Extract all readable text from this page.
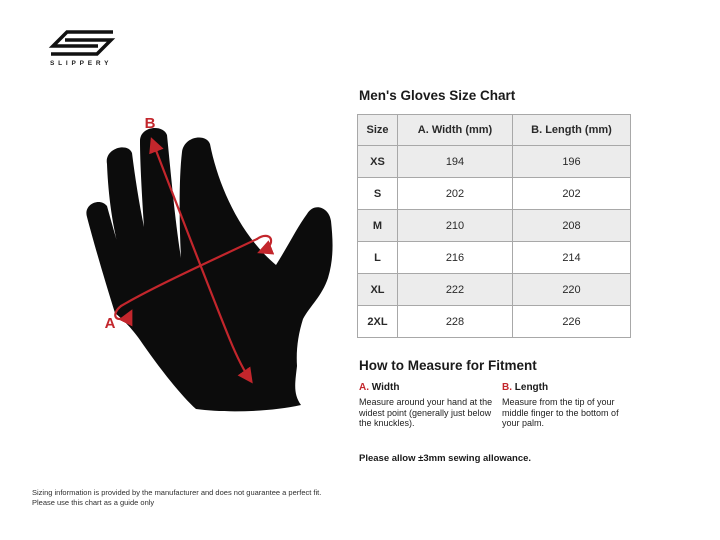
SLIPPERY
B
A
Men's Gloves Size Chart
Size	A. Width (mm)	B. Length (mm)
XS	194	196
S	202	202
M	210	208
L	216	214
XL	222	220
2XL	228	226
How to Measure for Fitment
A. Width
Measure around your hand at the widest point (generally just below the knuckles).
B. Length
Measure from the tip of your middle finger to the bottom of your palm.
Please allow ±3mm sewing allowance.
Sizing information is provided by the manufacturer and does not guarantee a perfect fit.
Please use this chart as a guide only
